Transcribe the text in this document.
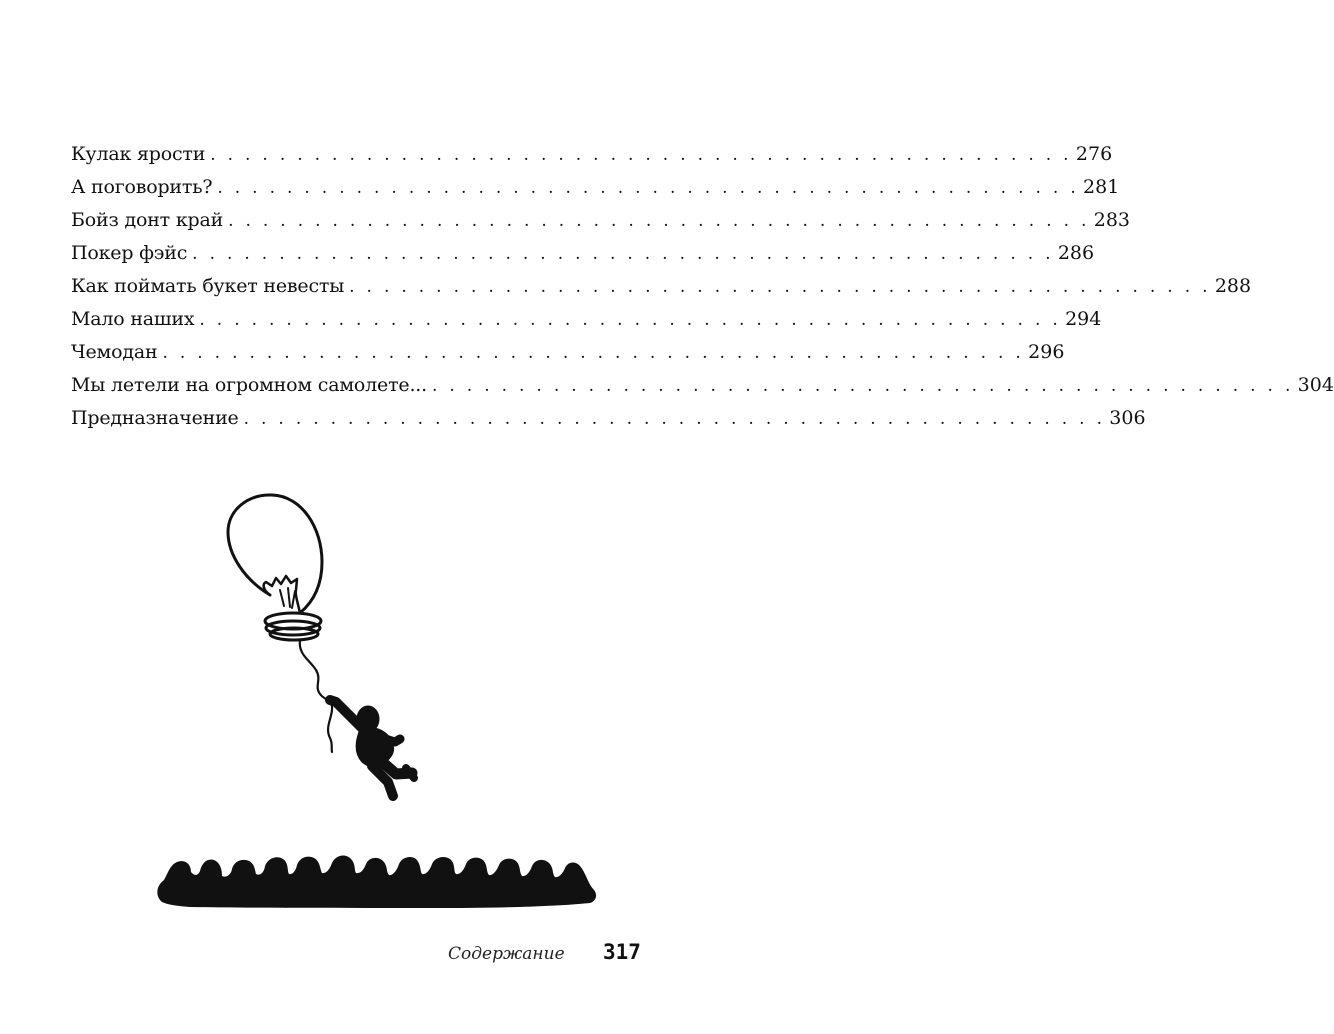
Кулак ярости . . . . . . . . . . . . . . . . . . . . . . . . . . . . . . . . . . . . . . . . . . . . . . . . . . 276
А поговорить? . . . . . . . . . . . . . . . . . . . . . . . . . . . . . . . . . . . . . . . . . . . . . . . . . . 281
Бойз донт край . . . . . . . . . . . . . . . . . . . . . . . . . . . . . . . . . . . . . . . . . . . . . . . . . . 283
Покер фэйс . . . . . . . . . . . . . . . . . . . . . . . . . . . . . . . . . . . . . . . . . . . . . . . . . . 286
Как поймать букет невесты . . . . . . . . . . . . . . . . . . . . . . . . . . . . . . . . . . . . . . . . . . . . . . . . . . 288
Мало наших . . . . . . . . . . . . . . . . . . . . . . . . . . . . . . . . . . . . . . . . . . . . . . . . . . 294
Чемодан . . . . . . . . . . . . . . . . . . . . . . . . . . . . . . . . . . . . . . . . . . . . . . . . . . 296
Мы летели на огромном самолете... . . . . . . . . . . . . . . . . . . . . . . . . . . . . . . . . . . . . . . . . . . . . . . . . . . 304
Предназначение . . . . . . . . . . . . . . . . . . . . . . . . . . . . . . . . . . . . . . . . . . . . . . . . . . 306
Содержание 317
